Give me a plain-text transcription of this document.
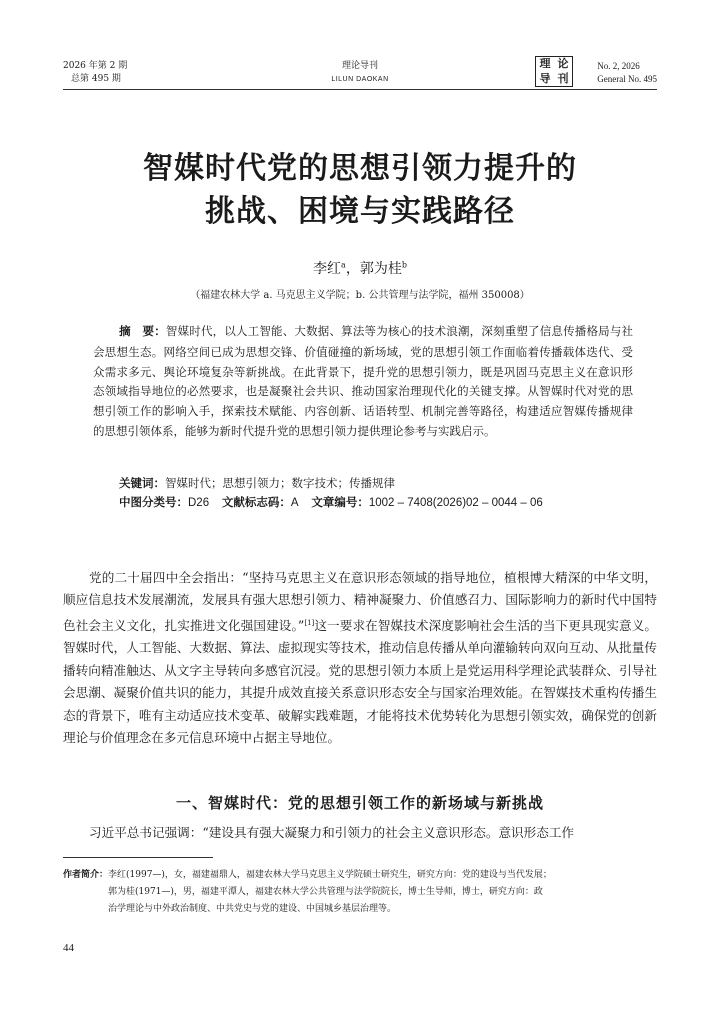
2026 年第 2 期
总第 495 期
理论导刊
LILUN DAOKAN
理 论
导 刊
No. 2, 2026
General No. 495
智媒时代党的思想引领力提升的
挑战、困境与实践路径
李红$^a$，郭为桂$^b$
（福建农林大学 a. 马克思主义学院；b. 公共管理与法学院，福州 350008）
摘　要：智媒时代，以人工智能、大数据、算法等为核心的技术浪潮，深刻重塑了信息传播格局与社会思想生态。网络空间已成为思想交锋、价值碰撞的新场域，党的思想引领工作面临着传播载体迭代、受众需求多元、舆论环境复杂等新挑战。在此背景下，提升党的思想引领力，既是巩固马克思主义在意识形态领域指导地位的必然要求，也是凝聚社会共识、推动国家治理现代化的关键支撑。从智媒时代对党的思想引领工作的影响入手，探索技术赋能、内容创新、话语转型、机制完善等路径，构建适应智媒传播规律的思想引领体系，能够为新时代提升党的思想引领力提供理论参考与实践启示。
关键词：智媒时代；思想引领力；数字技术；传播规律
中图分类号：D26 文献标志码：A 文章编号：1002 – 7408(2026)02 – 0044 – 06
党的二十届四中全会指出：“坚持马克思主义在意识形态领域的指导地位，植根博大精深的中华文明，顺应信息技术发展潮流，发展具有强大思想引领力、精神凝聚力、价值感召力、国际影响力的新时代中国特色社会主义文化，扎实推进文化强国建设。”[1]这一要求在智媒技术深度影响社会生活的当下更具现实意义。智媒时代，人工智能、大数据、算法、虚拟现实等技术，推动信息传播从单向灌输转向双向互动、从批量传播转向精准触达、从文字主导转向多感官沉浸。党的思想引领力本质上是党运用科学理论武装群众、引导社会思潮、凝聚价值共识的能力，其提升成效直接关系意识形态安全与国家治理效能。在智媒技术重构传播生态的背景下，唯有主动适应技术变革、破解实践难题，才能将技术优势转化为思想引领实效，确保党的创新理论与价值理念在多元信息环境中占据主导地位。
一、智媒时代：党的思想引领工作的新场域与新挑战
习近平总书记强调：“建设具有强大凝聚力和引领力的社会主义意识形态。意识形态工作
作者简介：李红(1997—)，女，福建福鼎人，福建农林大学马克思主义学院硕士研究生，研究方向：党的建设与当代发展；
郭为桂(1971—)，男，福建平潭人，福建农林大学公共管理与法学院院长，博士生导师，博士，研究方向：政
治学理论与中外政治制度、中共党史与党的建设、中国城乡基层治理等。
44
